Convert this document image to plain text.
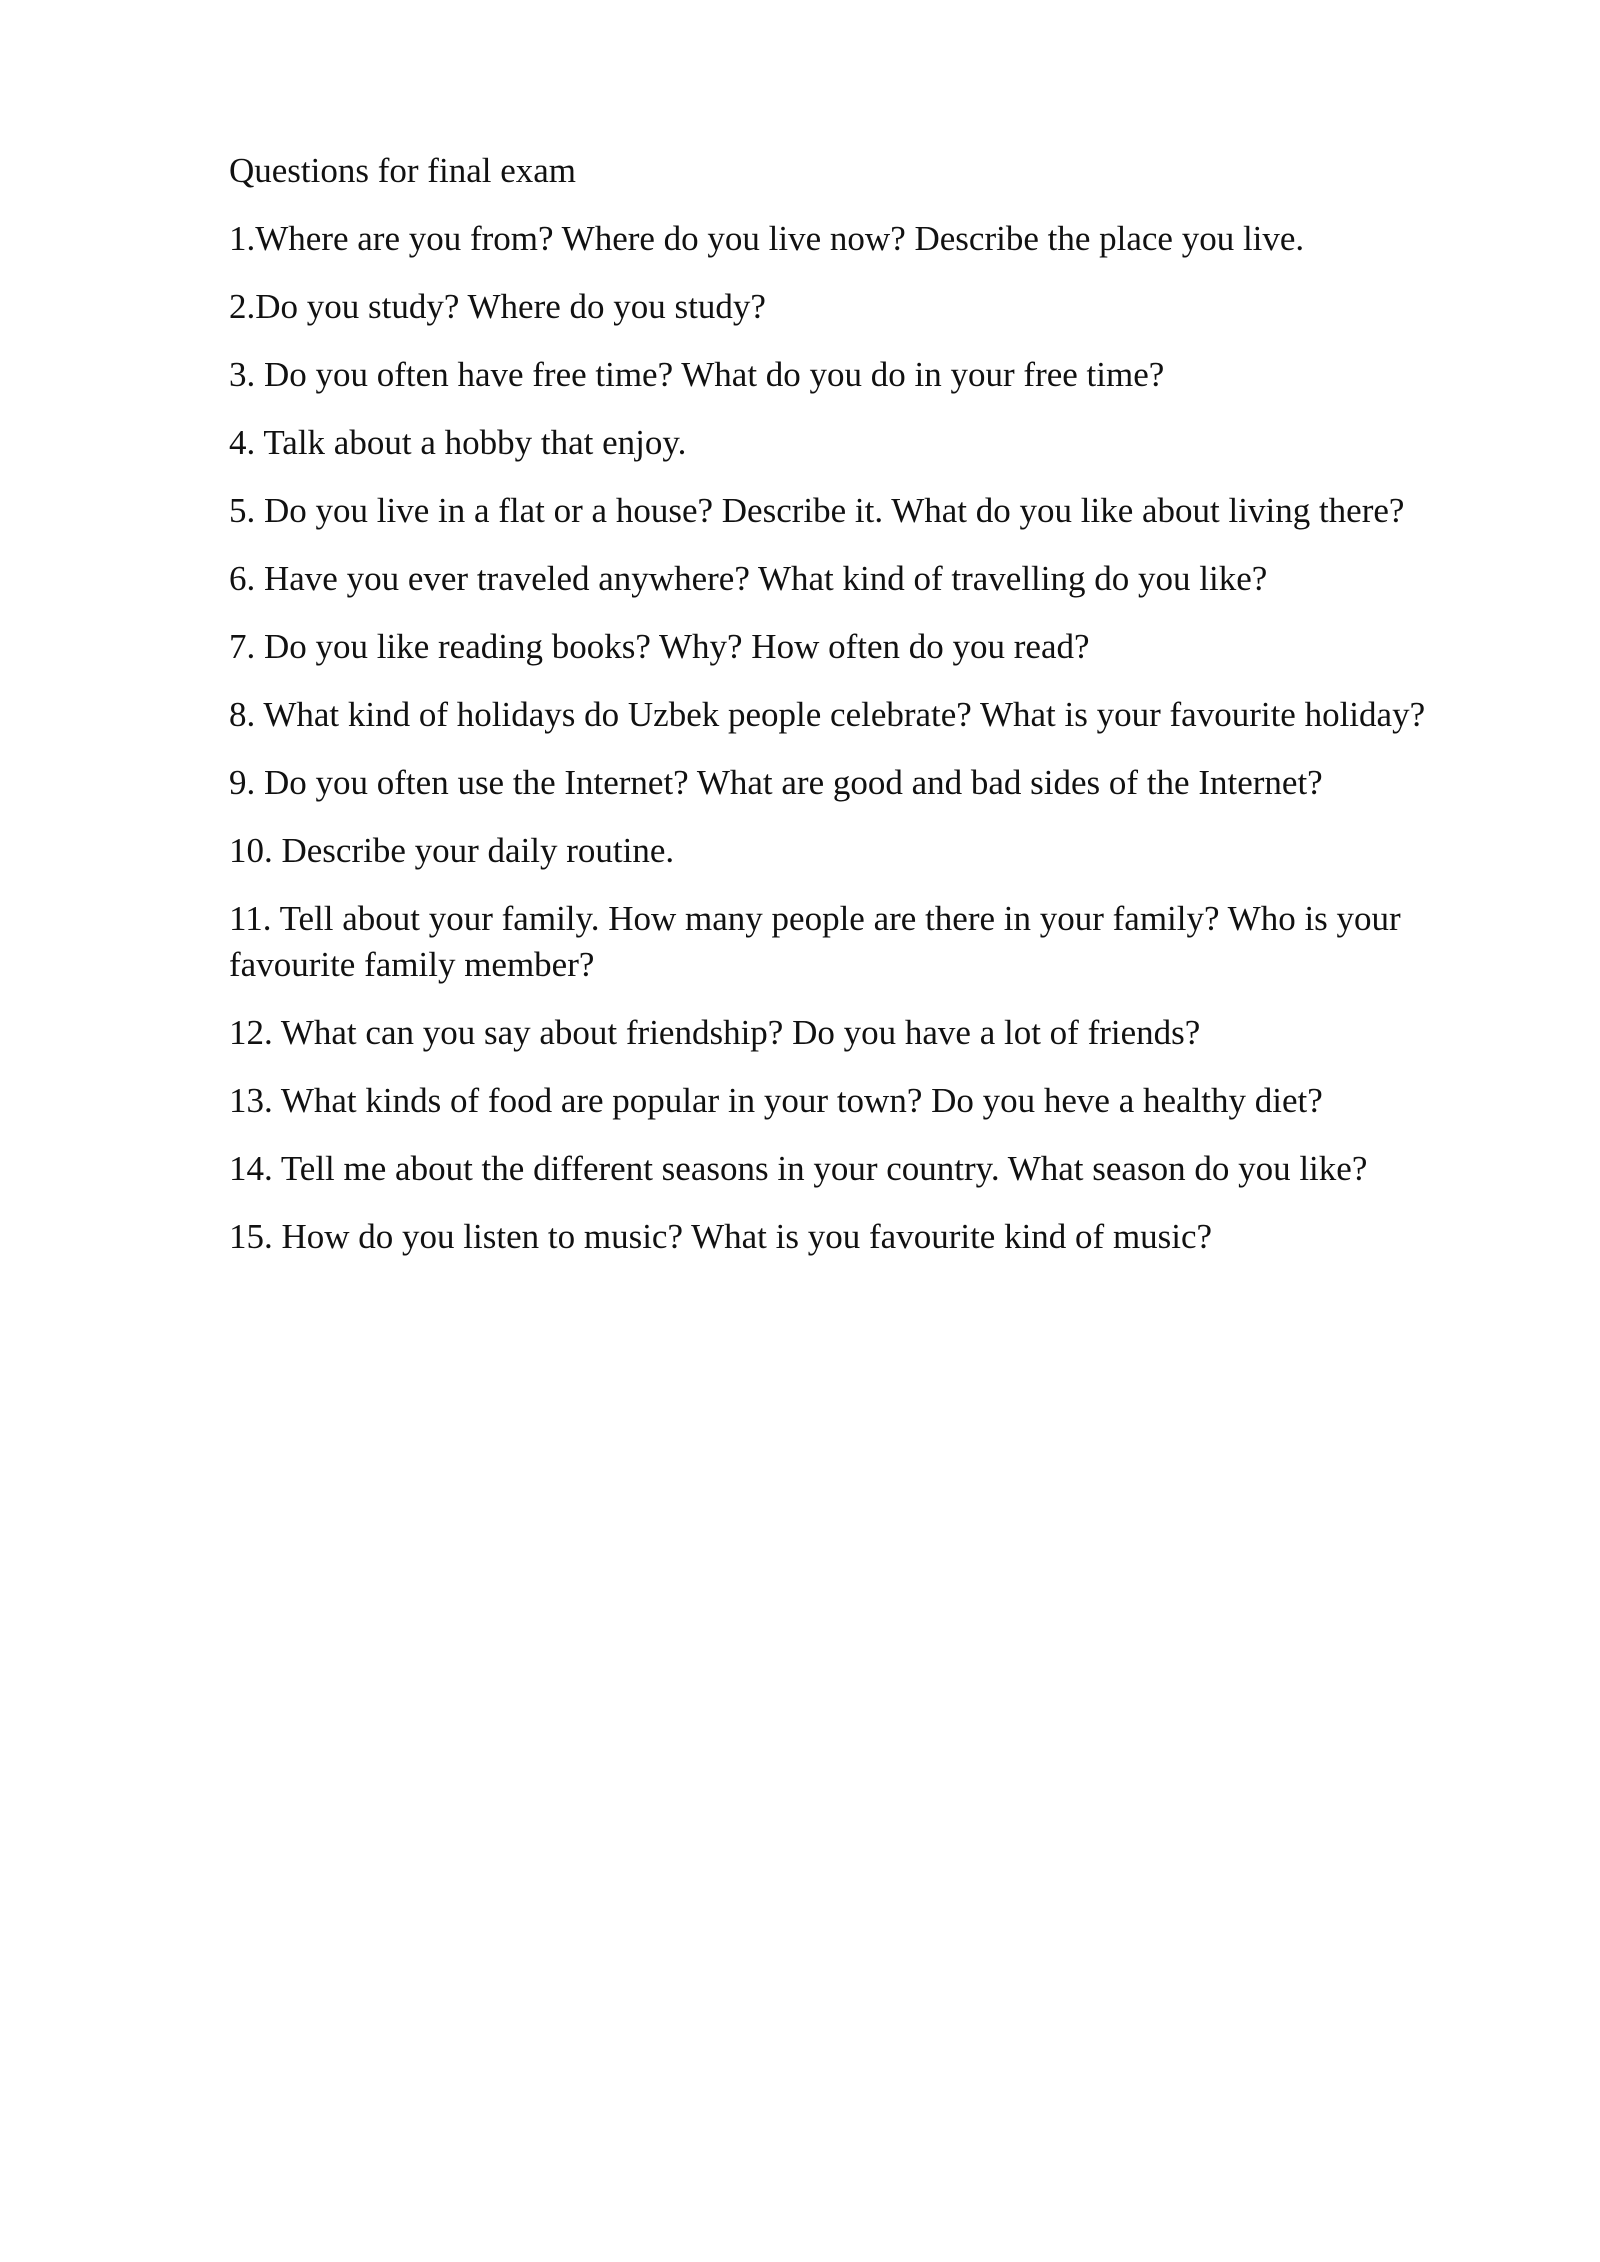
Questions for final exam

1.Where are you from? Where do you live now? Describe the place you live.
2.Do you study? Where do you study?
3. Do you often have free time? What do you do in your free time?
4. Talk about a hobby that enjoy.
5. Do you live in a flat or a house? Describe it. What do you like about living there?
6. Have you ever traveled anywhere? What kind of travelling do you like?
7. Do you like reading books? Why? How often do you read?
8. What kind of holidays do Uzbek people celebrate? What is your favourite holiday?
9. Do you often use the Internet? What are good and bad sides of the Internet?
10. Describe your daily routine.
11. Tell about your family. How many people are there in your family? Who is your favourite family member?
12. What can you say about friendship? Do you have a lot of friends?
13. What kinds of food are popular in your town? Do you heve a healthy diet?
14. Tell me about the different seasons in your country. What season do you like?
15. How do you listen to music? What is you favourite kind of music?
